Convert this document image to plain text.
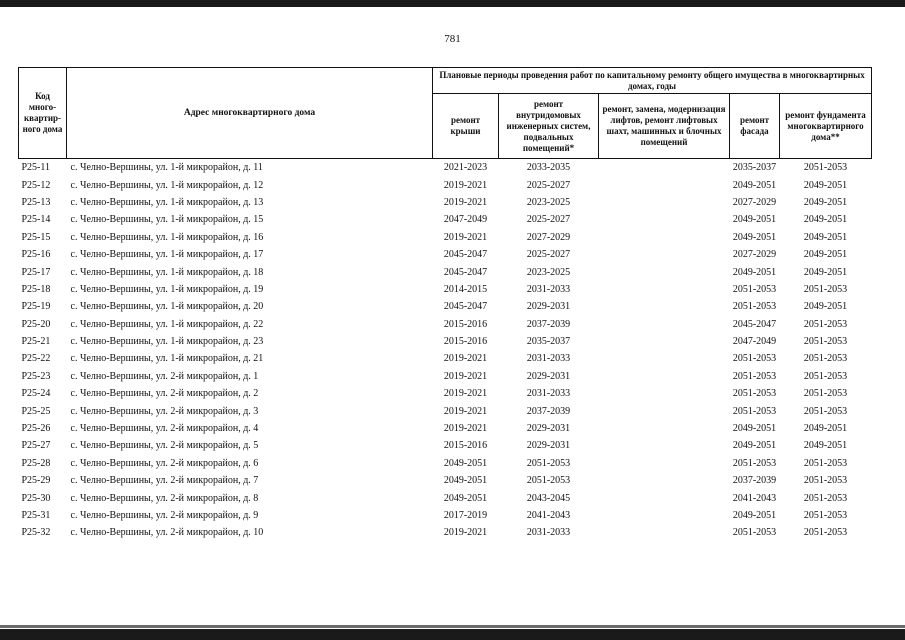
781
Код много-квартир-ного дома	Адрес многоквартирного дома	Плановые периоды проведения работ по капитальному ремонту общего имущества в многоквартирных домах, годы				
		ремонт крыши	ремонт внутридомовых инженерных систем, подвальных помещений*	ремонт, замена, модернизация лифтов, ремонт лифтовых шахт, машинных и блочных помещений	ремонт фасада	ремонт фундамента многоквартирного дома**
P25-11	с. Челно-Вершины, ул. 1-й микрорайон, д. 11	2021-2023	2033-2035		2035-2037	2051-2053
P25-12	с. Челно-Вершины, ул. 1-й микрорайон, д. 12	2019-2021	2025-2027		2049-2051	2049-2051
P25-13	с. Челно-Вершины, ул. 1-й микрорайон, д. 13	2019-2021	2023-2025		2027-2029	2049-2051
P25-14	с. Челно-Вершины, ул. 1-й микрорайон, д. 15	2047-2049	2025-2027		2049-2051	2049-2051
P25-15	с. Челно-Вершины, ул. 1-й микрорайон, д. 16	2019-2021	2027-2029		2049-2051	2049-2051
P25-16	с. Челно-Вершины, ул. 1-й микрорайон, д. 17	2045-2047	2025-2027		2027-2029	2049-2051
P25-17	с. Челно-Вершины, ул. 1-й микрорайон, д. 18	2045-2047	2023-2025		2049-2051	2049-2051
P25-18	с. Челно-Вершины, ул. 1-й микрорайон, д. 19	2014-2015	2031-2033		2051-2053	2051-2053
P25-19	с. Челно-Вершины, ул. 1-й микрорайон, д. 20	2045-2047	2029-2031		2051-2053	2049-2051
P25-20	с. Челно-Вершины, ул. 1-й микрорайон, д. 22	2015-2016	2037-2039		2045-2047	2051-2053
P25-21	с. Челно-Вершины, ул. 1-й микрорайон, д. 23	2015-2016	2035-2037		2047-2049	2051-2053
P25-22	с. Челно-Вершины, ул. 1-й микрорайон, д. 21	2019-2021	2031-2033		2051-2053	2051-2053
P25-23	с. Челно-Вершины, ул. 2-й микрорайон, д. 1	2019-2021	2029-2031		2051-2053	2051-2053
P25-24	с. Челно-Вершины, ул. 2-й микрорайон, д. 2	2019-2021	2031-2033		2051-2053	2051-2053
P25-25	с. Челно-Вершины, ул. 2-й микрорайон, д. 3	2019-2021	2037-2039		2051-2053	2051-2053
P25-26	с. Челно-Вершины, ул. 2-й микрорайон, д. 4	2019-2021	2029-2031		2049-2051	2049-2051
P25-27	с. Челно-Вершины, ул. 2-й микрорайон, д. 5	2015-2016	2029-2031		2049-2051	2049-2051
P25-28	с. Челно-Вершины, ул. 2-й микрорайон, д. 6	2049-2051	2051-2053		2051-2053	2051-2053
P25-29	с. Челно-Вершины, ул. 2-й микрорайон, д. 7	2049-2051	2051-2053		2037-2039	2051-2053
P25-30	с. Челно-Вершины, ул. 2-й микрорайон, д. 8	2049-2051	2043-2045		2041-2043	2051-2053
P25-31	с. Челно-Вершины, ул. 2-й микрорайон, д. 9	2017-2019	2041-2043		2049-2051	2051-2053
P25-32	с. Челно-Вершины, ул. 2-й микрорайон, д. 10	2019-2021	2031-2033		2051-2053	2051-2053
